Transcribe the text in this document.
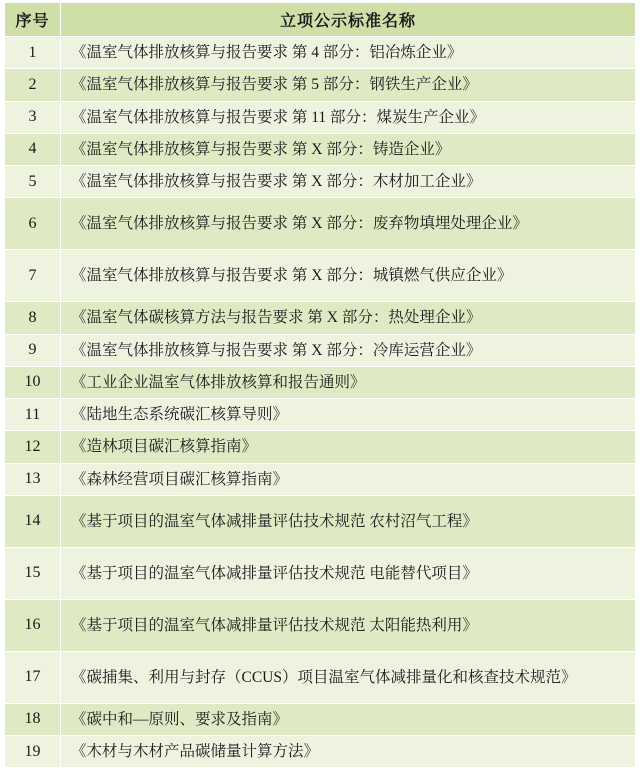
序号	立项公示标准名称
1	《温室气体排放核算与报告要求 第 4 部分：铝冶炼企业》
2	《温室气体排放核算与报告要求 第 5 部分：钢铁生产企业》
3	《温室气体排放核算与报告要求 第 11 部分：煤炭生产企业》
4	《温室气体排放核算与报告要求 第 X 部分：铸造企业》
5	《温室气体排放核算与报告要求 第 X 部分：木材加工企业》
6	《温室气体排放核算与报告要求 第 X 部分：废弃物填埋处理企业》
7	《温室气体排放核算与报告要求 第 X 部分：城镇燃气供应企业》
8	《温室气体碳核算方法与报告要求 第 X 部分：热处理企业》
9	《温室气体排放核算与报告要求 第 X 部分：冷库运营企业》
10	《工业企业温室气体排放核算和报告通则》
11	《陆地生态系统碳汇核算导则》
12	《造林项目碳汇核算指南》
13	《森林经营项目碳汇核算指南》
14	《基于项目的温室气体减排量评估技术规范 农村沼气工程》
15	《基于项目的温室气体减排量评估技术规范 电能替代项目》
16	《基于项目的温室气体减排量评估技术规范 太阳能热利用》
17	《碳捕集、利用与封存（CCUS）项目温室气体减排量化和核查技术规范》
18	《碳中和—原则、要求及指南》
19	《木材与木材产品碳储量计算方法》
